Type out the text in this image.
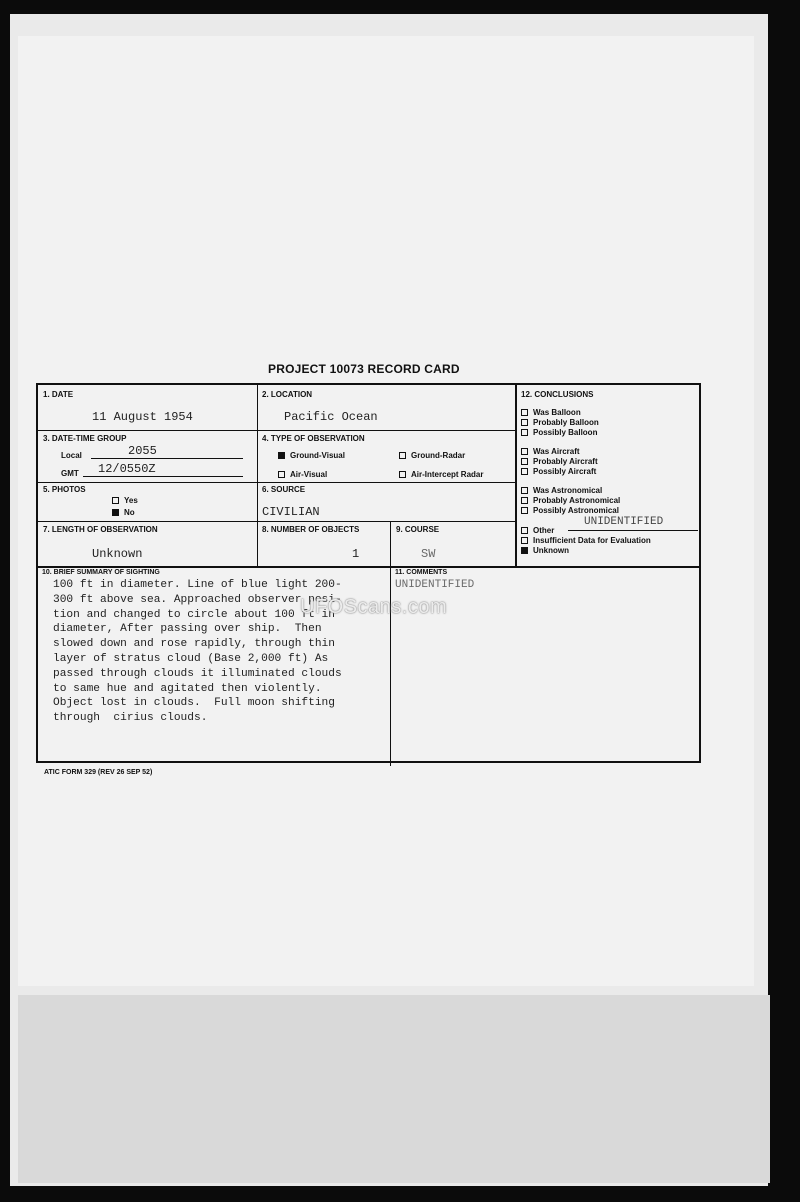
PROJECT 10073 RECORD CARD
1. DATE
11 August 1954
2. LOCATION
Pacific Ocean
3. DATE-TIME GROUP
Local	2055
GMT 12/0550Z
4. TYPE OF OBSERVATION
Ground-Visual	Ground-Radar
Air-Visual	Air-Intercept Radar
5. PHOTOS
Yes
No
6. SOURCE
CIVILIAN
7. LENGTH OF OBSERVATION
Unknown
8. NUMBER OF OBJECTS
1
9. COURSE
SW
10. BRIEF SUMMARY OF SIGHTING
100 ft in diameter. Line of blue light 200-
300 ft above sea. Approached observer posi-
tion and changed to circle about 100 ft in
diameter, After passing over ship.  Then
slowed down and rose rapidly, through thin
layer of stratus cloud (Base 2,000 ft) As
passed through clouds it illuminated clouds
to same hue and agitated then violently.
Object lost in clouds.  Full moon shifting
through  cirius clouds.
11. COMMENTS
UNIDENTIFIED
12. CONCLUSIONS
Other
UNIDENTIFIED
Insufficient Data for Evaluation
Unknown
Was Balloon
Probably Balloon
Possibly Balloon
Was Aircraft
Probably Aircraft
Possibly Aircraft
Was Astronomical
Probably Astronomical
Possibly Astronomical
ATIC FORM 329 (REV 26 SEP 52)
UFOScans.com
